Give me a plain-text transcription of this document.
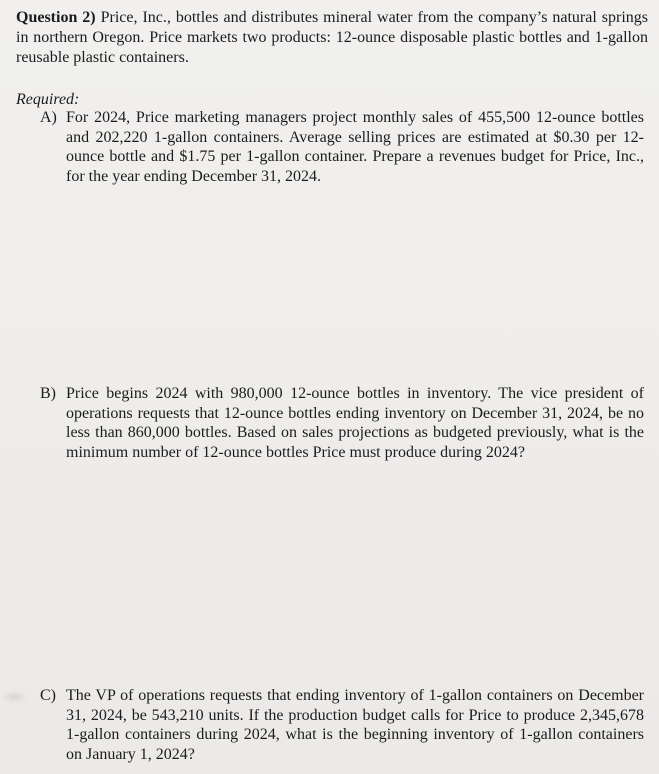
Question 2) Price, Inc., bottles and distributes mineral water from the company’s natural springs in northern Oregon. Price markets two products: 12-ounce disposable plastic bottles and 1-gallon reusable plastic containers.
Required:
A) For 2024, Price marketing managers project monthly sales of 455,500 12-ounce bottles and 202,220 1-gallon containers. Average selling prices are estimated at $0.30 per 12-ounce bottle and $1.75 per 1-gallon container. Prepare a revenues budget for Price, Inc., for the year ending December 31, 2024.
B) Price begins 2024 with 980,000 12-ounce bottles in inventory. The vice president of operations requests that 12-ounce bottles ending inventory on December 31, 2024, be no less than 860,000 bottles. Based on sales projections as budgeted previously, what is the minimum number of 12-ounce bottles Price must produce during 2024?
C) The VP of operations requests that ending inventory of 1-gallon containers on December 31, 2024, be 543,210 units. If the production budget calls for Price to produce 2,345,678 1-gallon containers during 2024, what is the beginning inventory of 1-gallon containers on January 1, 2024?
